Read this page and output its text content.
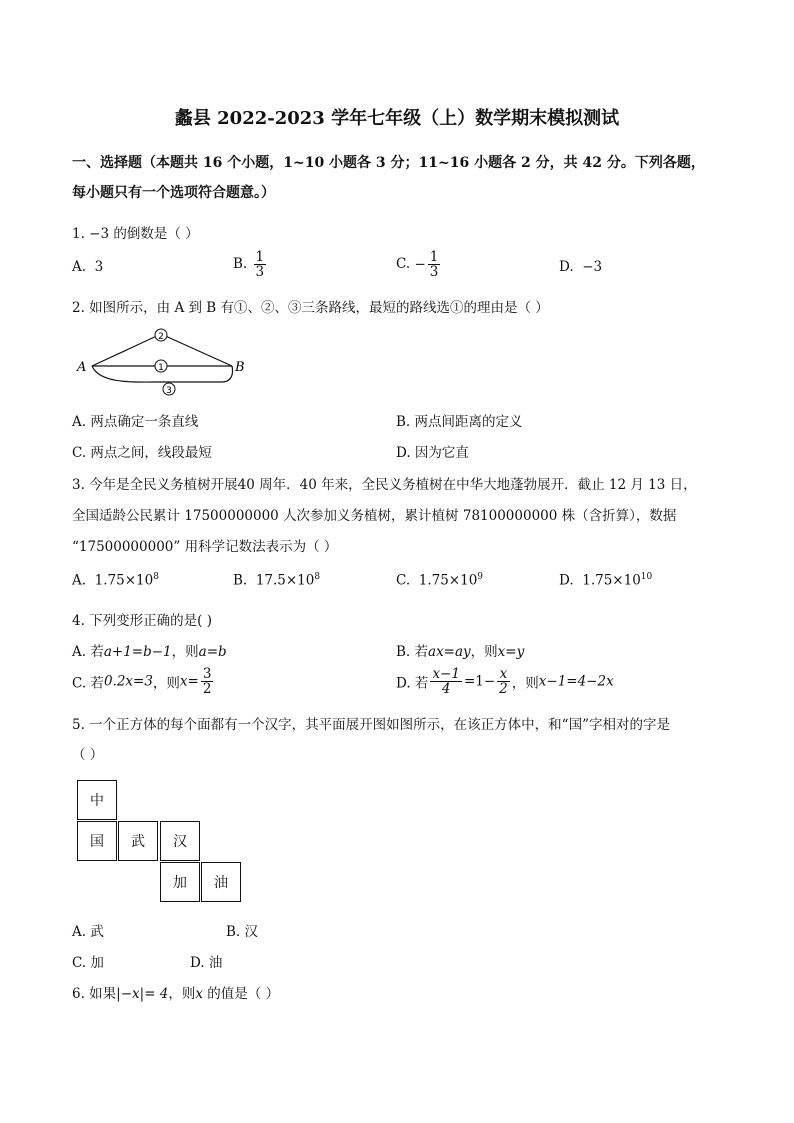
蠡县 2022-2023 学年七年级（上）数学期末模拟测试
一、选择题（本题共 16 个小题，1~10 小题各 3 分；11~16 小题各 2 分，共 42 分。下列各题，
每小题只有一个选项符合题意。）
1. −3 的倒数是（ ）
A. 3	B. $\frac{1}{3}$	C. − $\frac{1}{3}$	D. −3
2. 如图所示，由 A 到 B 有①、②、③三条路线，最短的路线选①的理由是（ ）
2
1
3
A	B
A. 两点确定一条直线	B. 两点间距离的定义
C. 两点之间，线段最短	D. 因为它直
3. 今年是全民义务植树开展40 周年．40 年来，全民义务植树在中华大地蓬勃展开．截止 12 月 13 日，
全国适龄公民累计 17500000000 人次参加义务植树，累计植树 78100000000 株（含折算），数据
“17500000000” 用科学记数法表示为（ ）
A. $1.75\times 10^8$	B. $17.5\times 10^8$	C. $1.75\times 10^9$	D. $1.75\times 10^{10}$
4. 下列变形正确的是( )
A. 若a+1=b−1，则a=b	B. 若ax=ay，则x=y
C. 若0.2x=3，则$x= \frac{3}{2}$	D. 若 $\frac{x-1}{4} =1- \frac{x}{2}$ ，则x−1=4−2x
5. 一个正方体的每个面都有一个汉字，其平面展开图如图所示，在该正方体中，和“国”字相对的字是
（ ）
中
国	武	汉
加	油
A. 武	B. 汉
C. 加	D. 油
6. 如果|−x|= 4，则x 的值是（ ）
